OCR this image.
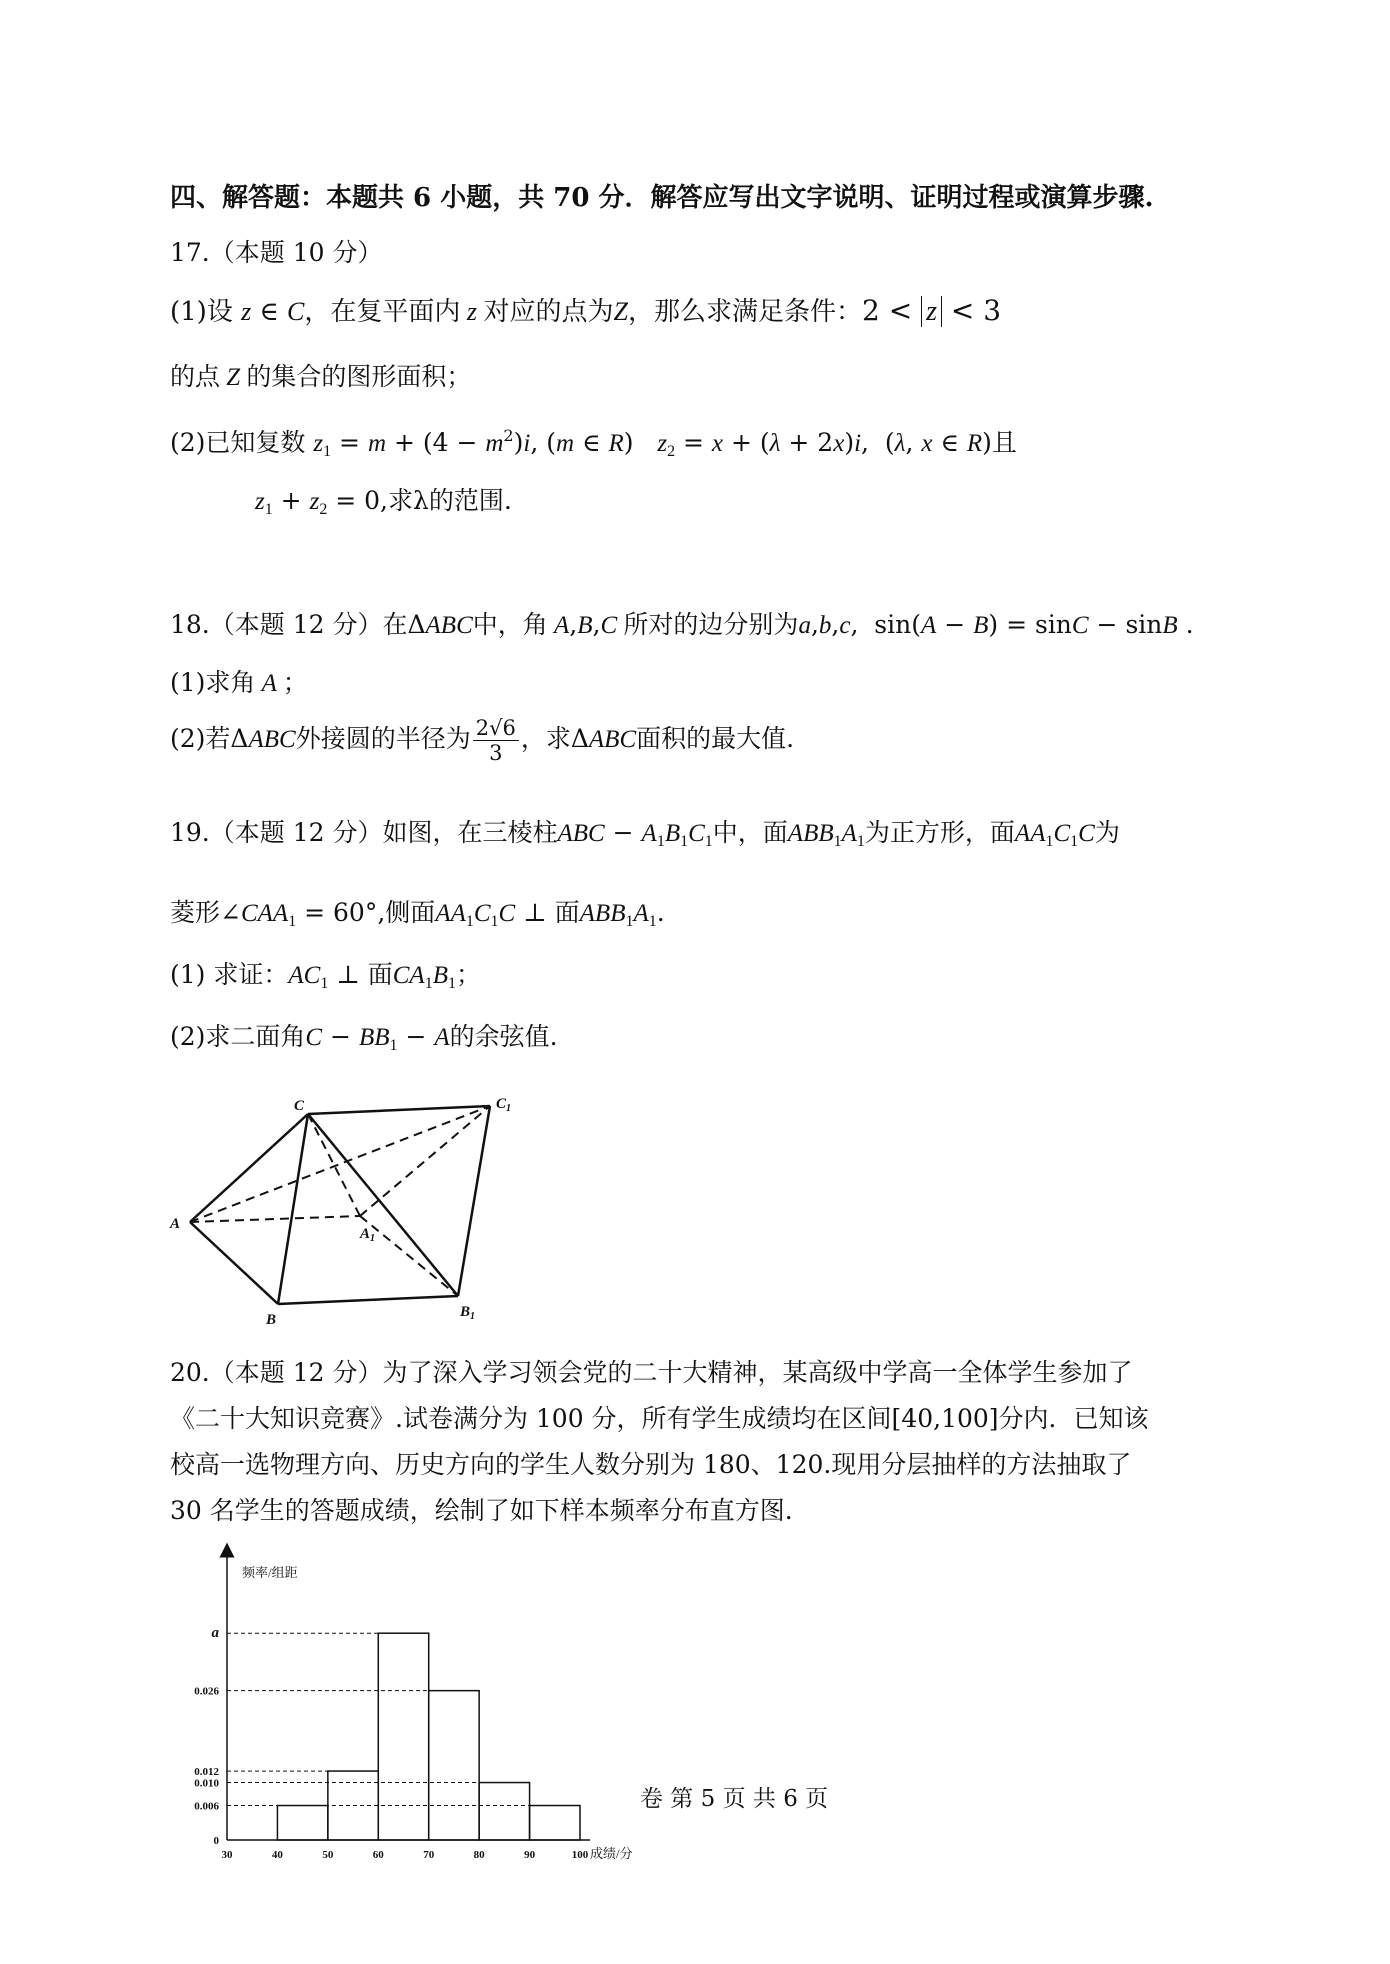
四、解答题：本题共 6 小题，共 70 分．解答应写出文字说明、证明过程或演算步骤.
17.（本题 10 分）
(1)设 z ∈ C，在复平面内 z 对应的点为Z，那么求满足条件：2 < z < 3
的点 Z 的集合的图形面积；
(2)已知复数 $z_1 = m + (4 - m^2)i$, (m ∈ R)   $z_2 = x + (\lambda + 2x)i$,  (λ, x ∈ R)且
$z_1 + z_2 = 0$,求λ的范围.
18.（本题 12 分）在ΔABC中，角 A,B,C 所对的边分别为a,b,c,  sin(A − B) = sinC − sinB .
(1)求角 A ；
(2)若ΔABC外接圆的半径为 $\frac{2√6}{3}$ ，求ΔABC面积的最大值.
19.（本题 12 分）如图，在三棱柱ABC − $A_1B_1C_1$中，面$ABB_1A_1$为正方形，面$AA_1C_1C$为
菱形$\angle CAA_1 = 60^\circ$,侧面$AA_1C_1C$ ⊥ 面$ABB_1A_1$.
(1) 求证：$AC_1$ ⊥ 面$CA_1B_1$；
(2)求二面角$C - BB_1 - A$的余弦值.
C	$C_1$
A
$A_1$
B	$B_1$
20.（本题 12 分）为了深入学习领会党的二十大精神，某高级中学高一全体学生参加了
《二十大知识竞赛》.试卷满分为 100 分，所有学生成绩均在区间[40,100]分内．已知该
校高一选物理方向、历史方向的学生人数分别为 180、120.现用分层抽样的方法抽取了
30 名学生的答题成绩，绘制了如下样本频率分布直方图.
频率/组距
成绩/分
0
0.006
0.010
0.012
0.026
a
30	40	50	60	70	80	90	100
卷 第 5 页 共 6 页
